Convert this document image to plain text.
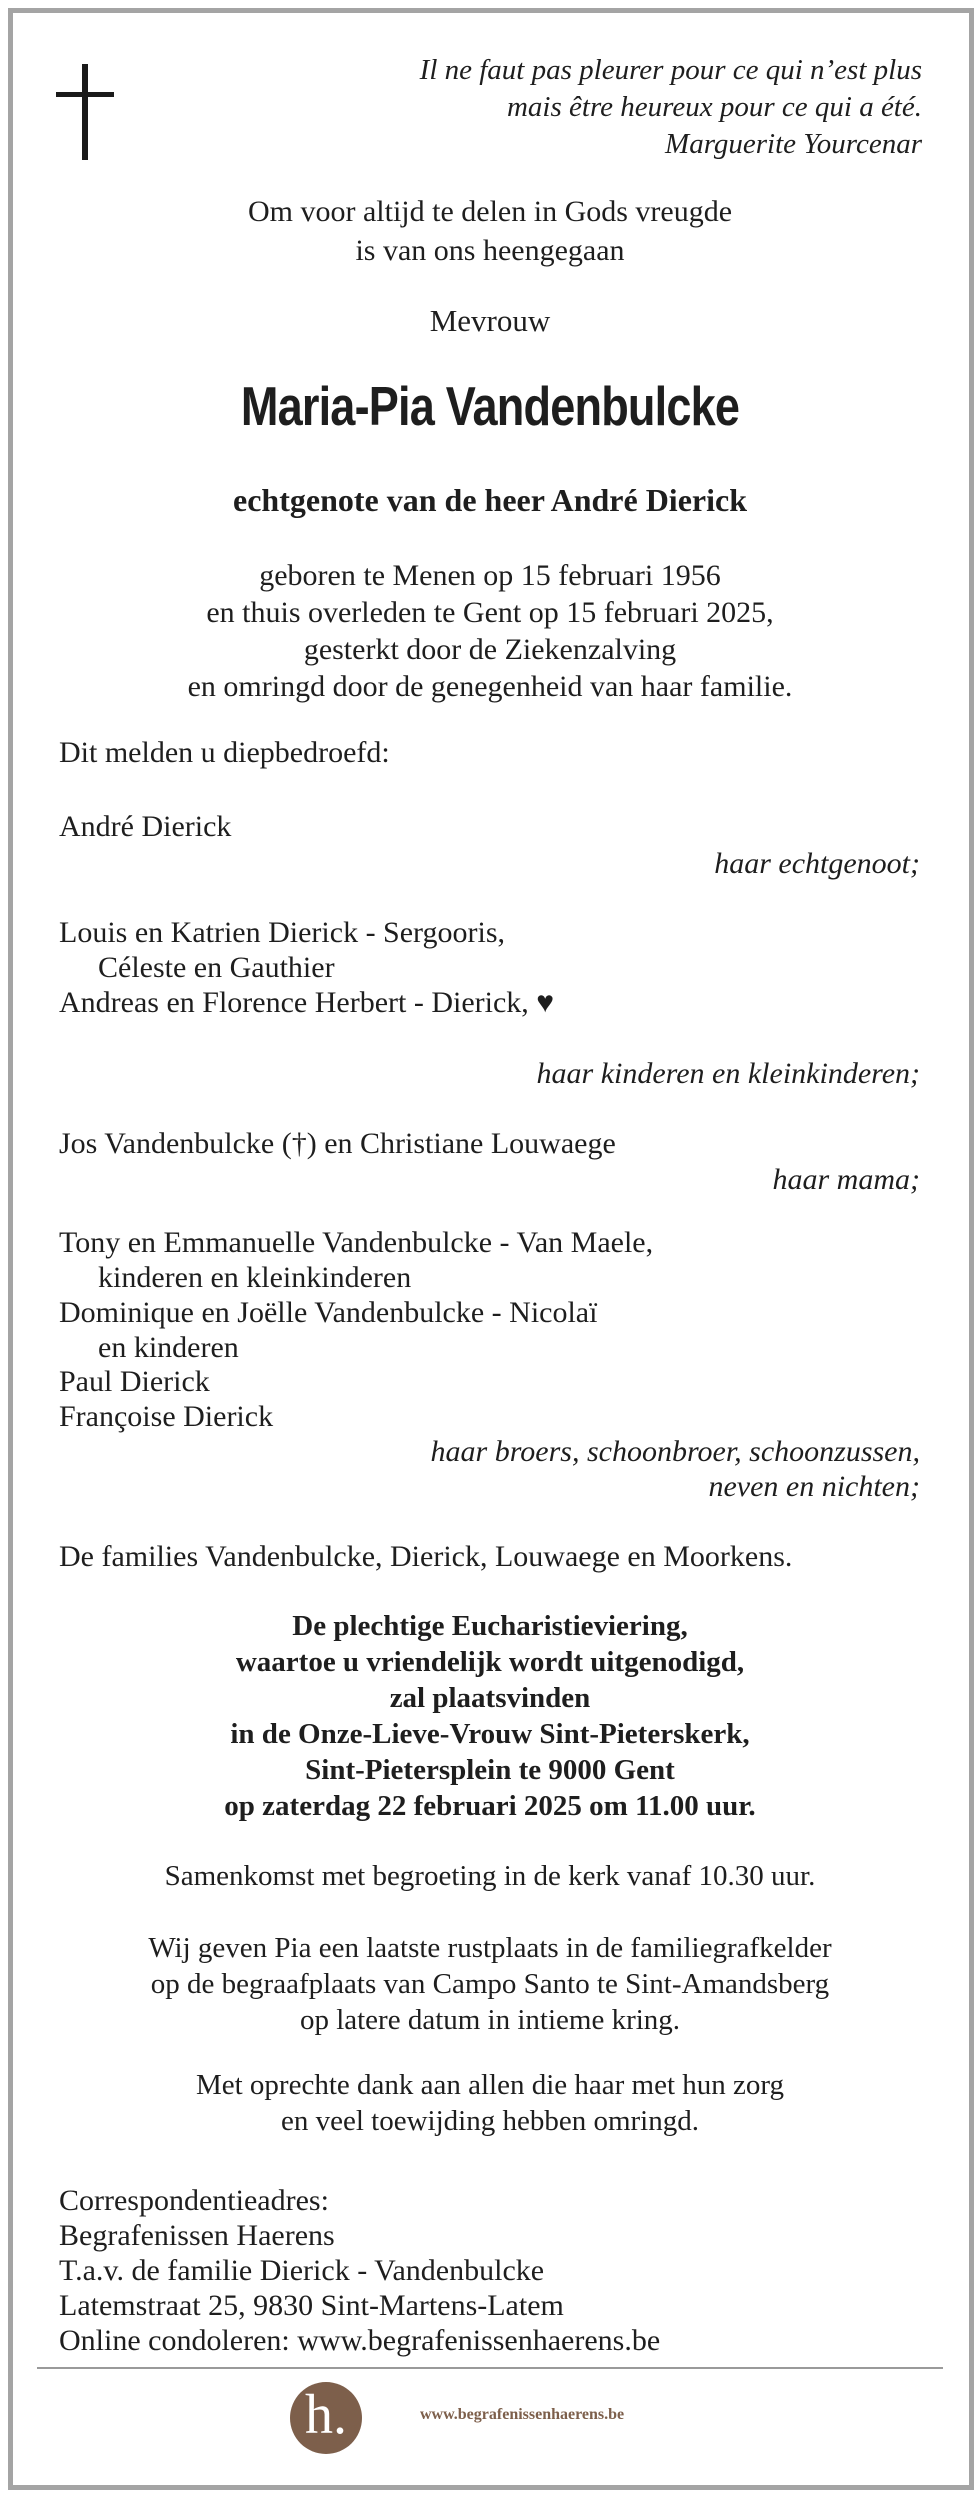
Il ne faut pas pleurer pour ce qui n’est plus
mais être heureux pour ce qui a été.
Marguerite Yourcenar
Om voor altijd te delen in Gods vreugde
is van ons heengegaan
Mevrouw
Maria-Pia Vandenbulcke
echtgenote van de heer André Dierick
geboren te Menen op 15 februari 1956
en thuis overleden te Gent op 15 februari 2025,
gesterkt door de Ziekenzalving
en omringd door de genegenheid van haar familie.
Dit melden u diepbedroefd:
André Dierick
haar echtgenoot;
Louis en Katrien Dierick - Sergooris,
Céleste en Gauthier
Andreas en Florence Herbert - Dierick, ♥
haar kinderen en kleinkinderen;
Jos Vandenbulcke (†) en Christiane Louwaege
haar mama;
Tony en Emmanuelle Vandenbulcke - Van Maele,
kinderen en kleinkinderen
Dominique en Joëlle Vandenbulcke - Nicolaï
en kinderen
Paul Dierick
Françoise Dierick
haar broers, schoonbroer, schoonzussen,
neven en nichten;
De families Vandenbulcke, Dierick, Louwaege en Moorkens.
De plechtige Eucharistieviering,
waartoe u vriendelijk wordt uitgenodigd,
zal plaatsvinden
in de Onze-Lieve-Vrouw Sint-Pieterskerk,
Sint-Pietersplein te 9000 Gent
op zaterdag 22 februari 2025 om 11.00 uur.
Samenkomst met begroeting in de kerk vanaf 10.30 uur.
Wij geven Pia een laatste rustplaats in de familiegrafkelder
op de begraafplaats van Campo Santo te Sint-Amandsberg
op latere datum in intieme kring.
Met oprechte dank aan allen die haar met hun zorg
en veel toewijding hebben omringd.
Correspondentieadres:
Begrafenissen Haerens
T.a.v. de familie Dierick - Vandenbulcke
Latemstraat 25, 9830 Sint-Martens-Latem
Online condoleren: www.begrafenissenhaerens.be
h.	www.begrafenissenhaerens.be
